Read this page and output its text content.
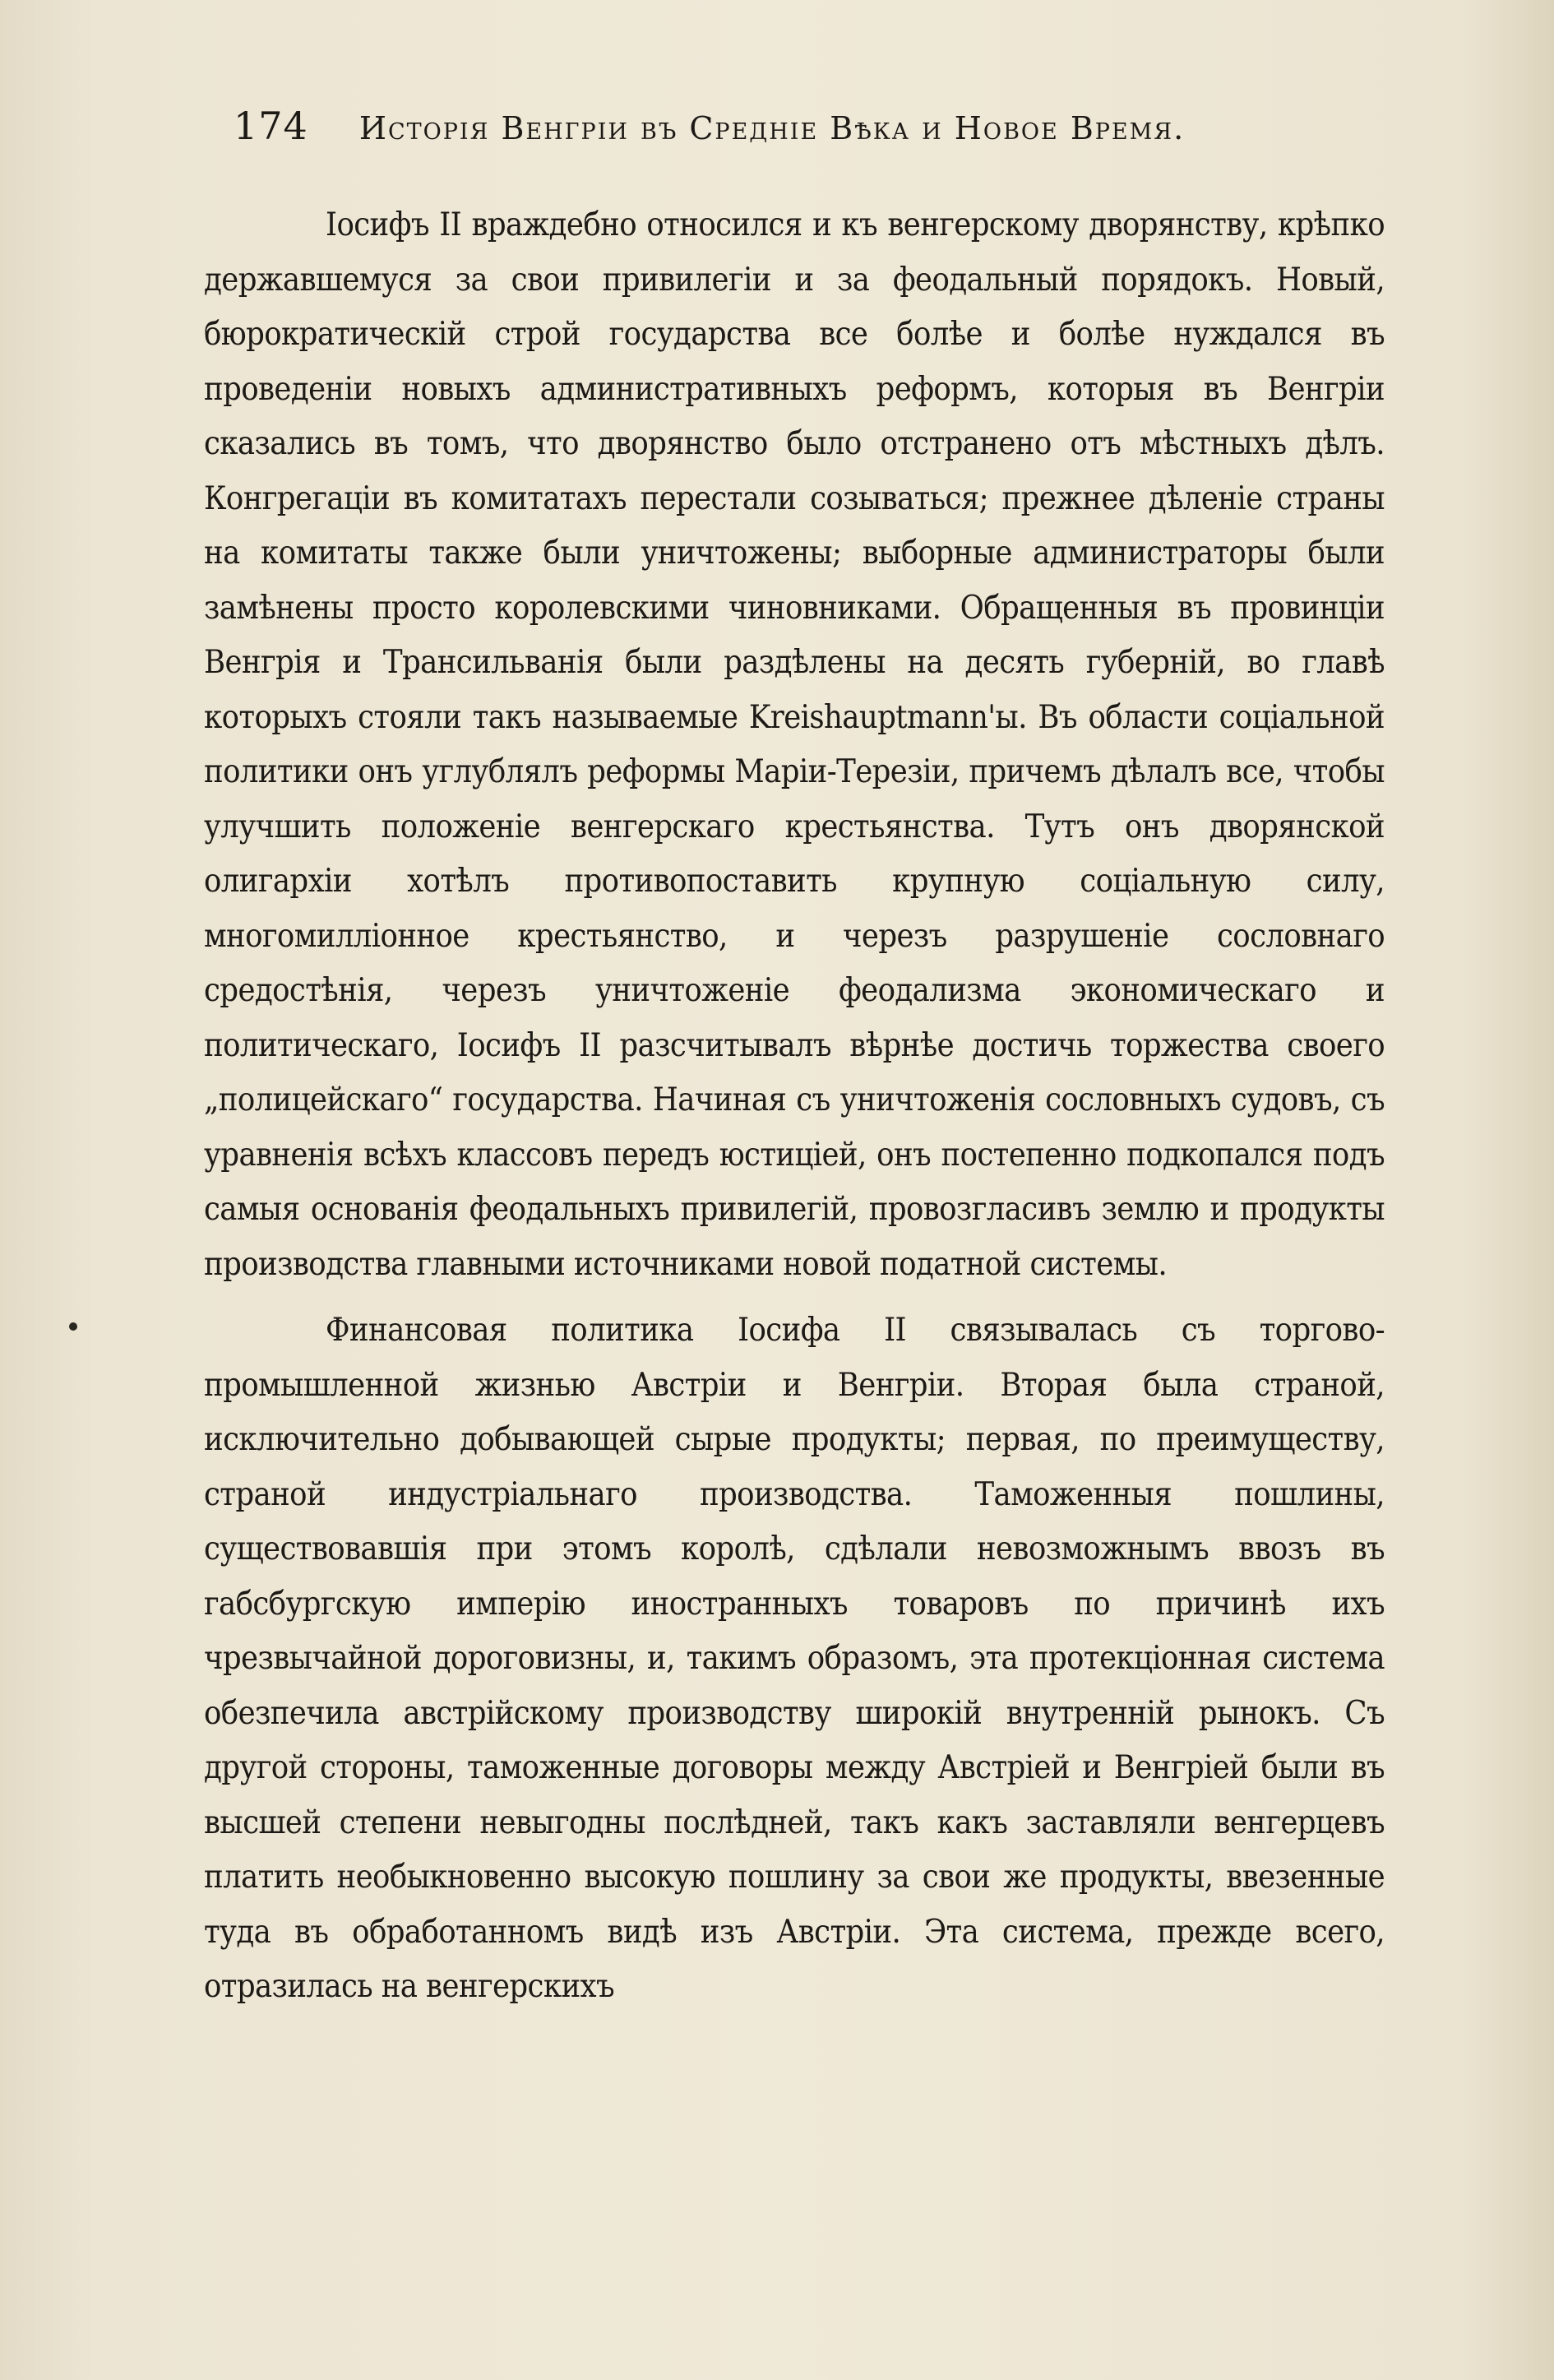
174 Исторія Венгріи въ Средніе Вѣка и Новое Время.

Іосифъ II враждебно относился и къ венгерскому дворянству, крѣпко державшемуся за свои привилегіи и за феодальный порядокъ. Новый, бюрократическій строй государства все болѣе и болѣе нуждался въ проведеніи новыхъ административныхъ реформъ, которыя въ Венгріи сказались въ томъ, что дворянство было отстранено отъ мѣстныхъ дѣлъ. Конгрегаціи въ комитатахъ перестали созываться; прежнее дѣленіе страны на комитаты также были уничтожены; выборные администраторы были замѣнены просто королевскими чиновниками. Обращенныя въ провинціи Венгрія и Трансильванія были раздѣлены на десять губерній, во главѣ которыхъ стояли такъ называемые Kreishauptmann'ы. Въ области соціальной политики онъ углублялъ реформы Маріи-Терезіи, причемъ дѣлалъ все, чтобы улучшить положеніе венгерскаго крестьянства. Тутъ онъ дворянской олигархіи хотѣлъ противопоставить крупную соціальную силу, многомилліонное крестьянство, и черезъ разрушеніе сословнаго средостѣнія, черезъ уничтоженіе феодализма экономическаго и политическаго, Іосифъ II разсчитывалъ вѣрнѣе достичь торжества своего „полицейскаго“ государства. Начиная съ уничтоженія сословныхъ судовъ, съ уравненія всѣхъ классовъ передъ юстиціей, онъ постепенно подкопался подъ самыя основанія феодальныхъ привилегій, провозгласивъ землю и продукты производства главными источниками новой податной системы.

Финансовая политика Іосифа II связывалась съ торгово-промышленной жизнью Австріи и Венгріи. Вторая была страной, исключительно добывающей сырые продукты; первая, по преимуществу, страной индустріальнаго производства. Таможенныя пошлины, существовавшія при этомъ королѣ, сдѣлали невозможнымъ ввозъ въ габсбургскую имперію иностранныхъ товаровъ по причинѣ ихъ чрезвычайной дороговизны, и, такимъ образомъ, эта протекціонная система обезпечила австрійскому производству широкій внутренній рынокъ. Съ другой стороны, таможенные договоры между Австріей и Венгріей были въ высшей степени невыгодны послѣдней, такъ какъ заставляли венгерцевъ платить необыкновенно высокую пошлину за свои же продукты, ввезенные туда въ обработанномъ видѣ изъ Австріи. Эта система, прежде всего, отразилась на венгерскихъ
